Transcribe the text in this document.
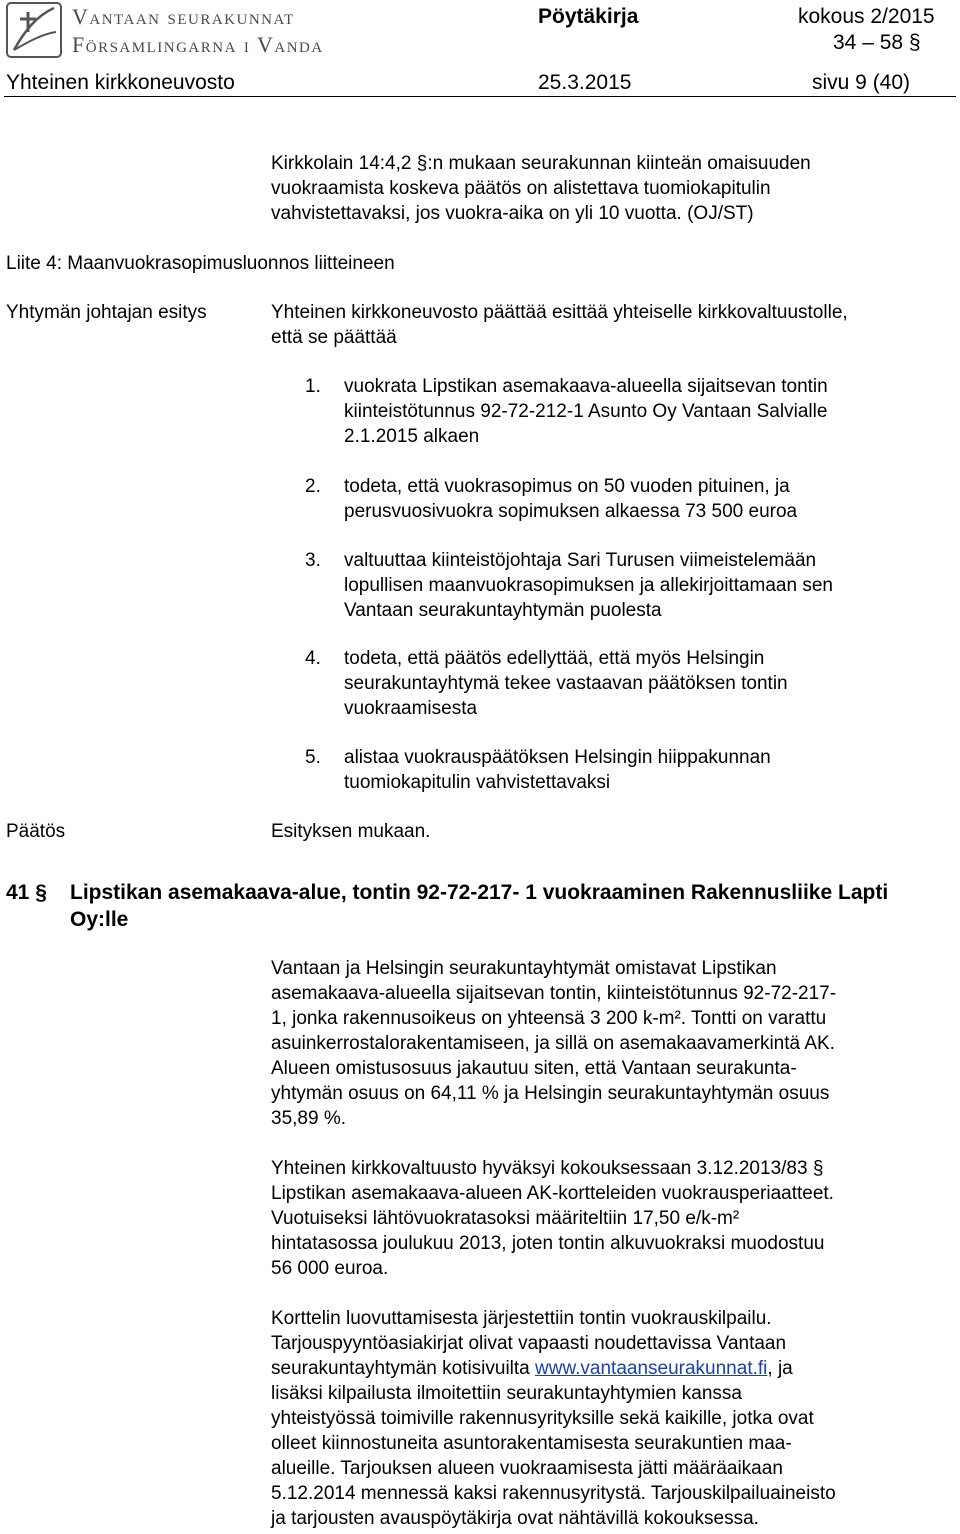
Vantaan seurakunnat
Församlingarna i Vanda
Pöytäkirja	kokous 2/2015
34 – 58 §
Yhteinen kirkkoneuvosto	25.3.2015	sivu 9 (40)
Kirkkolain 14:4,2 §:n mukaan seurakunnan kiinteän omaisuuden
vuokraamista koskeva päätös on alistettava tuomiokapitulin
vahvistettavaksi, jos vuokra-aika on yli 10 vuotta. (OJ/ST)
Liite 4: Maanvuokrasopimusluonnos liitteineen
Yhtymän johtajan esitys	Yhteinen kirkkoneuvosto päättää esittää yhteiselle kirkkovaltuustolle,
että se päättää
1.	vuokrata Lipstikan asemakaava-alueella sijaitsevan tontin
kiinteistötunnus 92-72-212-1 Asunto Oy Vantaan Salvialle
2.1.2015 alkaen
2.	todeta, että vuokrasopimus on 50 vuoden pituinen, ja
perusvuosivuokra sopimuksen alkaessa 73 500 euroa
3.	valtuuttaa kiinteistöjohtaja Sari Turusen viimeistelemään
lopullisen maanvuokrasopimuksen ja allekirjoittamaan sen
Vantaan seurakuntayhtymän puolesta
4.	todeta, että päätös edellyttää, että myös Helsingin
seurakuntayhtymä tekee vastaavan päätöksen tontin
vuokraamisesta
5.	alistaa vuokrauspäätöksen Helsingin hiippakunnan
tuomiokapitulin vahvistettavaksi
Päätös	Esityksen mukaan.
41 § Lipstikan asemakaava-alue, tontin 92-72-217- 1 vuokraaminen Rakennusliike Lapti
Oy:lle
Vantaan ja Helsingin seurakuntayhtymät omistavat Lipstikan
asemakaava-alueella sijaitsevan tontin, kiinteistötunnus 92-72-217-
1, jonka rakennusoikeus on yhteensä 3 200 k-m². Tontti on varattu
asuinkerrostalorakentamiseen, ja sillä on asemakaavamerkintä AK.
Alueen omistusosuus jakautuu siten, että Vantaan seurakunta-
yhtymän osuus on 64,11 % ja Helsingin seurakuntayhtymän osuus
35,89 %.
Yhteinen kirkkovaltuusto hyväksyi kokouksessaan 3.12.2013/83 §
Lipstikan asemakaava-alueen AK-kortteleiden vuokrausperiaatteet.
Vuotuiseksi lähtövuokratasoksi määriteltiin 17,50 e/k-m²
hintatasossa joulukuu 2013, joten tontin alkuvuokraksi muodostuu
56 000 euroa.
Korttelin luovuttamisesta järjestettiin tontin vuokrauskilpailu.
Tarjouspyyntöasiakirjat olivat vapaasti noudettavissa Vantaan
seurakuntayhtymän kotisivuilta www.vantaanseurakunnat.fi, ja
lisäksi kilpailusta ilmoitettiin seurakuntayhtymien kanssa
yhteistyössä toimiville rakennusyrityksille sekä kaikille, jotka ovat
olleet kiinnostuneita asuntorakentamisesta seurakuntien maa-
alueille. Tarjouksen alueen vuokraamisesta jätti määräaikaan
5.12.2014 mennessä kaksi rakennusyritystä. Tarjouskilpailuaineisto
ja tarjousten avauspöytäkirja ovat nähtävillä kokouksessa.
